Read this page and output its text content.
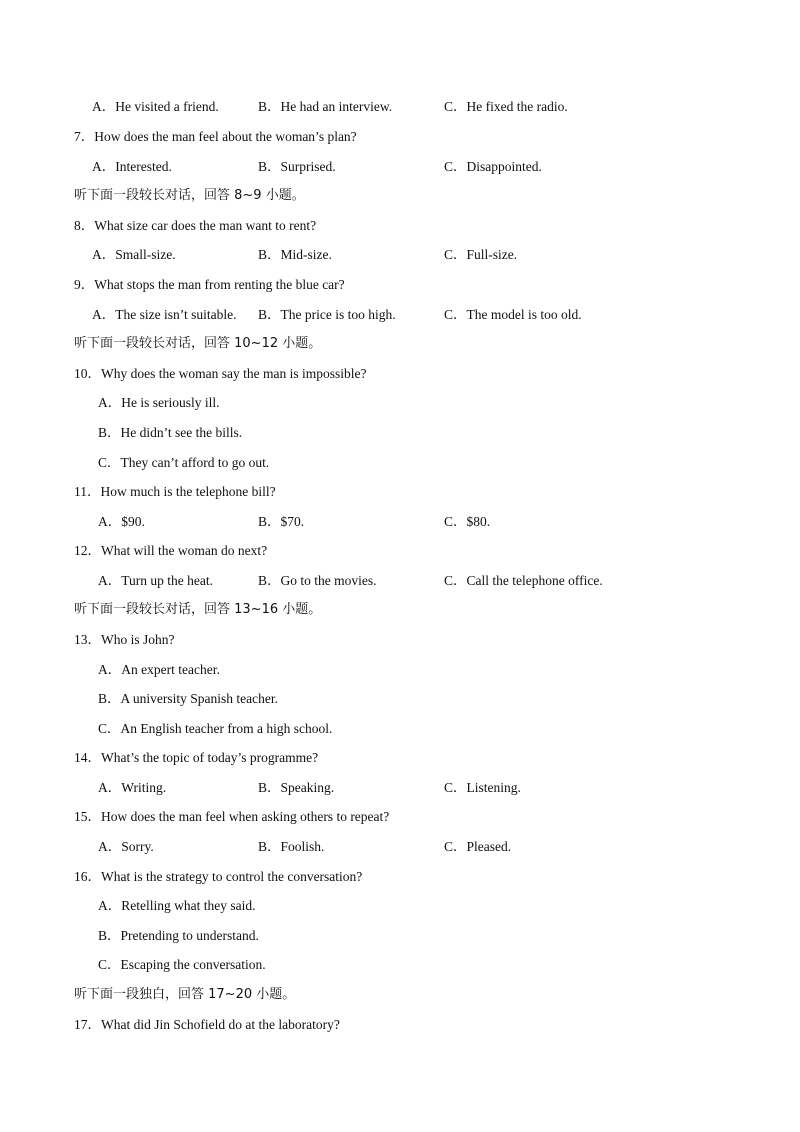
A．He visited a friend.	B．He had an interview.	C．He fixed the radio.
7．How does the man feel about the woman’s plan?
A．Interested.	B．Surprised.	C．Disappointed.
听下面一段较长对话，回答 8~9 小题。
8．What size car does the man want to rent?
A．Small-size.	B．Mid-size.	C．Full-size.
9．What stops the man from renting the blue car?
A．The size isn’t suitable. B．The price is too high.	C．The model is too old.
听下面一段较长对话，回答 10~12 小题。
10．Why does the woman say the man is impossible?
A．He is seriously ill.
B．He didn’t see the bills.
C．They can’t afford to go out.
11．How much is the telephone bill?
A．$90.	B．$70.	C．$80.
12．What will the woman do next?
A．Turn up the heat.	B．Go to the movies.	C．Call the telephone office.
听下面一段较长对话，回答 13~16 小题。
13．Who is John?
A．An expert teacher.
B．A university Spanish teacher.
C．An English teacher from a high school.
14．What’s the topic of today’s programme?
A．Writing.	B．Speaking.	C．Listening.
15．How does the man feel when asking others to repeat?
A．Sorry.	B．Foolish.	C．Pleased.
16．What is the strategy to control the conversation?
A．Retelling what they said.
B．Pretending to understand.
C．Escaping the conversation.
听下面一段独白，回答 17~20 小题。
17．What did Jin Schofield do at the laboratory?
